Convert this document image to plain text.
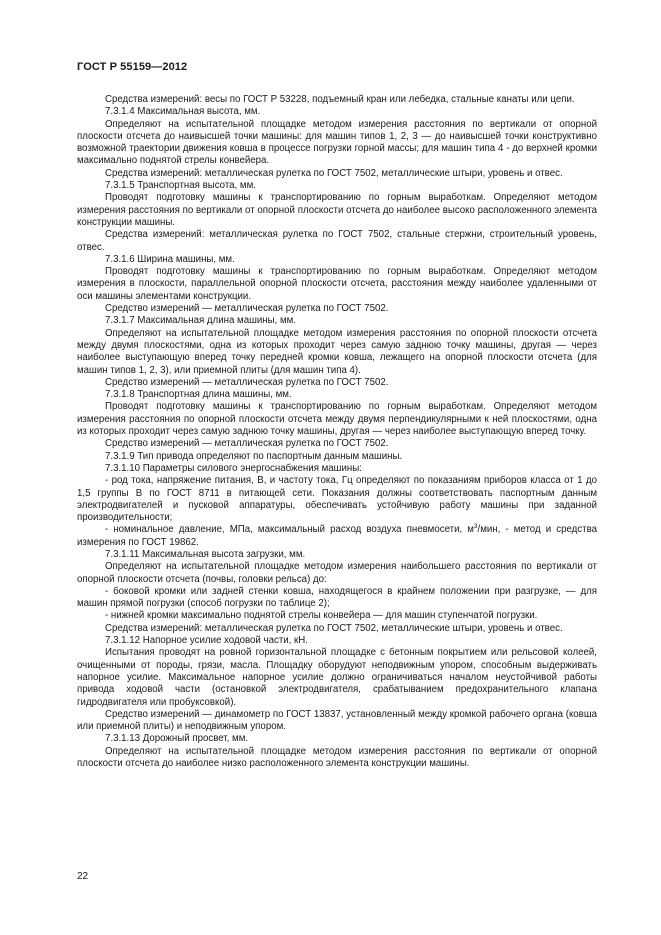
ГОСТ Р 55159—2012

Средства измерений: весы по ГОСТ Р 53228, подъемный кран или лебедка, стальные канаты или цепи.

7.3.1.4 Максимальная высота, мм.

Определяют на испытательной площадке методом измерения расстояния по вертикали от опорной плоскости отсчета до наивысшей точки машины: для машин типов 1, 2, 3 — до наивысшей точки конструктивно возможной траектории движения ковша в процессе погрузки горной массы; для машин типа 4 - до верхней кромки максимально поднятой стрелы конвейера.

Средства измерений: металлическая рулетка по ГОСТ 7502, металлические штыри, уровень и отвес.

7.3.1.5 Транспортная высота, мм.

Проводят подготовку машины к транспортированию по горным выработкам. Определяют методом измерения расстояния по вертикали от опорной плоскости отсчета до наиболее высоко расположенного элемента конструкции машины.

Средства измерений: металлическая рулетка по ГОСТ 7502, стальные стержни, строительный уровень, отвес.

7.3.1.6 Ширина машины, мм.

Проводят подготовку машины к транспортированию по горным выработкам. Определяют методом измерения в плоскости, параллельной опорной плоскости отсчета, расстояния между наиболее удаленными от оси машины элементами конструкции.

Средство измерений — металлическая рулетка по ГОСТ 7502.

7.3.1.7 Максимальная длина машины, мм.

Определяют на испытательной площадке методом измерения расстояния по опорной плоскости отсчета между двумя плоскостями, одна из которых проходит через самую заднюю точку машины, другая — через наиболее выступающую вперед точку передней кромки ковша, лежащего на опорной плоскости отсчета (для машин типов 1, 2, 3), или приемной плиты (для машин типа 4).

Средство измерений — металлическая рулетка по ГОСТ 7502.

7.3.1.8 Транспортная длина машины, мм.

Проводят подготовку машины к транспортированию по горным выработкам. Определяют методом измерения расстояния по опорной плоскости отсчета между двумя перпендикулярными к ней плоскостями, одна из которых проходит через самую заднюю точку машины, другая — через наиболее выступающую вперед точку.

Средство измерений — металлическая рулетка по ГОСТ 7502.

7.3.1.9 Тип привода определяют по паспортным данным машины.

7.3.1.10 Параметры силового энергоснабжения машины:

- род тока, напряжение питания, В, и частоту тока, Гц определяют по показаниям приборов класса от 1 до 1,5 группы В по ГОСТ 8711 в питающей сети. Показания должны соответствовать паспортным данным электродвигателей и пусковой аппаратуры, обеспечивать устойчивую работу машины при заданной производительности;

- номинальное давление, МПа, максимальный расход воздуха пневмосети, $м^3$/мин, - метод и средства измерения по ГОСТ 19862.

7.3.1.11 Максимальная высота загрузки, мм.

Определяют на испытательной площадке методом измерения наибольшего расстояния по вертикали от опорной плоскости отсчета (почвы, головки рельса) до:

- боковой кромки или задней стенки ковша, находящегося в крайнем положении при разгрузке, — для машин прямой погрузки (способ погрузки по таблице 2);

- нижней кромки максимально поднятой стрелы конвейера — для машин ступенчатой погрузки.

Средства измерений: металлическая рулетка по ГОСТ 7502, металлические штыри, уровень и отвес.

7.3.1.12 Напорное усилие ходовой части, кН.

Испытания проводят на ровной горизонтальной площадке с бетонным покрытием или рельсовой колеей, очищенными от породы, грязи, масла. Площадку оборудуют неподвижным упором, способным выдерживать напорное усилие. Максимальное напорное усилие должно ограничиваться началом неустойчивой работы привода ходовой части (остановкой электродвигателя, срабатыванием предохранительного клапана гидродвигателя или пробуксовкой).

Средство измерений — динамометр по ГОСТ 13837, установленный между кромкой рабочего органа (ковша или приемной плиты) и неподвижным упором.

7.3.1.13 Дорожный просвет, мм.

Определяют на испытательной площадке методом измерения расстояния по вертикали от опорной плоскости отсчета до наиболее низко расположенного элемента конструкции машины.

22
